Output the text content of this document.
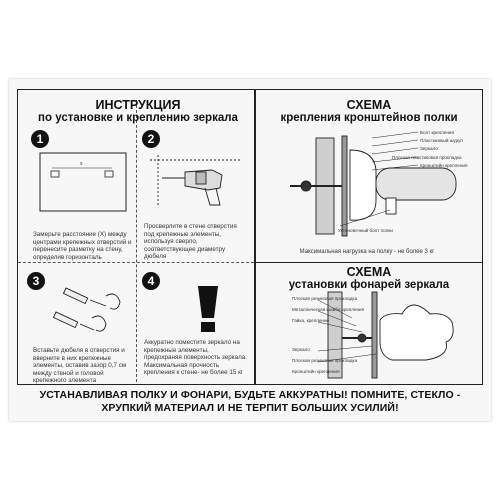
ИНСТРУКЦИЯ
по установке и креплению зеркала
СХЕМА
крепления кронштейнов полки
СХЕМА
установки фонарей зеркала
1	2
3	4
Замерьте расстояние (X) между центрами крепежных отверстий и перенесите разметку на стену, определив горизонталь
Просверлите в стене отверстия под крепежные элементы, используя сверло, соответствующее диаметру дюбеля
Вставьте дюбеля в отверстия и вверните в них крепежные элементы, оставив зазор 0,7 см между стеной и головой крепежного элемента
Аккуратно поместите зеркало на крепежные элементы, предохраняя поверхность зеркала. Максимальная прочность крепления к стене- не более 15 кг
x
Болт крепления
Пластиковый шуруп
Зеркало
Плоская пластиковая прокладка
Кронштейн крепления
Установочный болт полки
Максимальная нагрузка на полку - не более 3 кг
Плоская резиновая прокладка
Металлическая шайба крепления
Гайка, крепление
Зеркало
Плоская резиновая прокладка
Кронштейн крепления
УСТАНАВЛИВАЯ ПОЛКУ И ФОНАРИ, БУДЬТЕ АККУРАТНЫ! ПОМНИТЕ, СТЕКЛО -
ХРУПКИЙ МАТЕРИАЛ И НЕ ТЕРПИТ БОЛЬШИХ УСИЛИЙ!
